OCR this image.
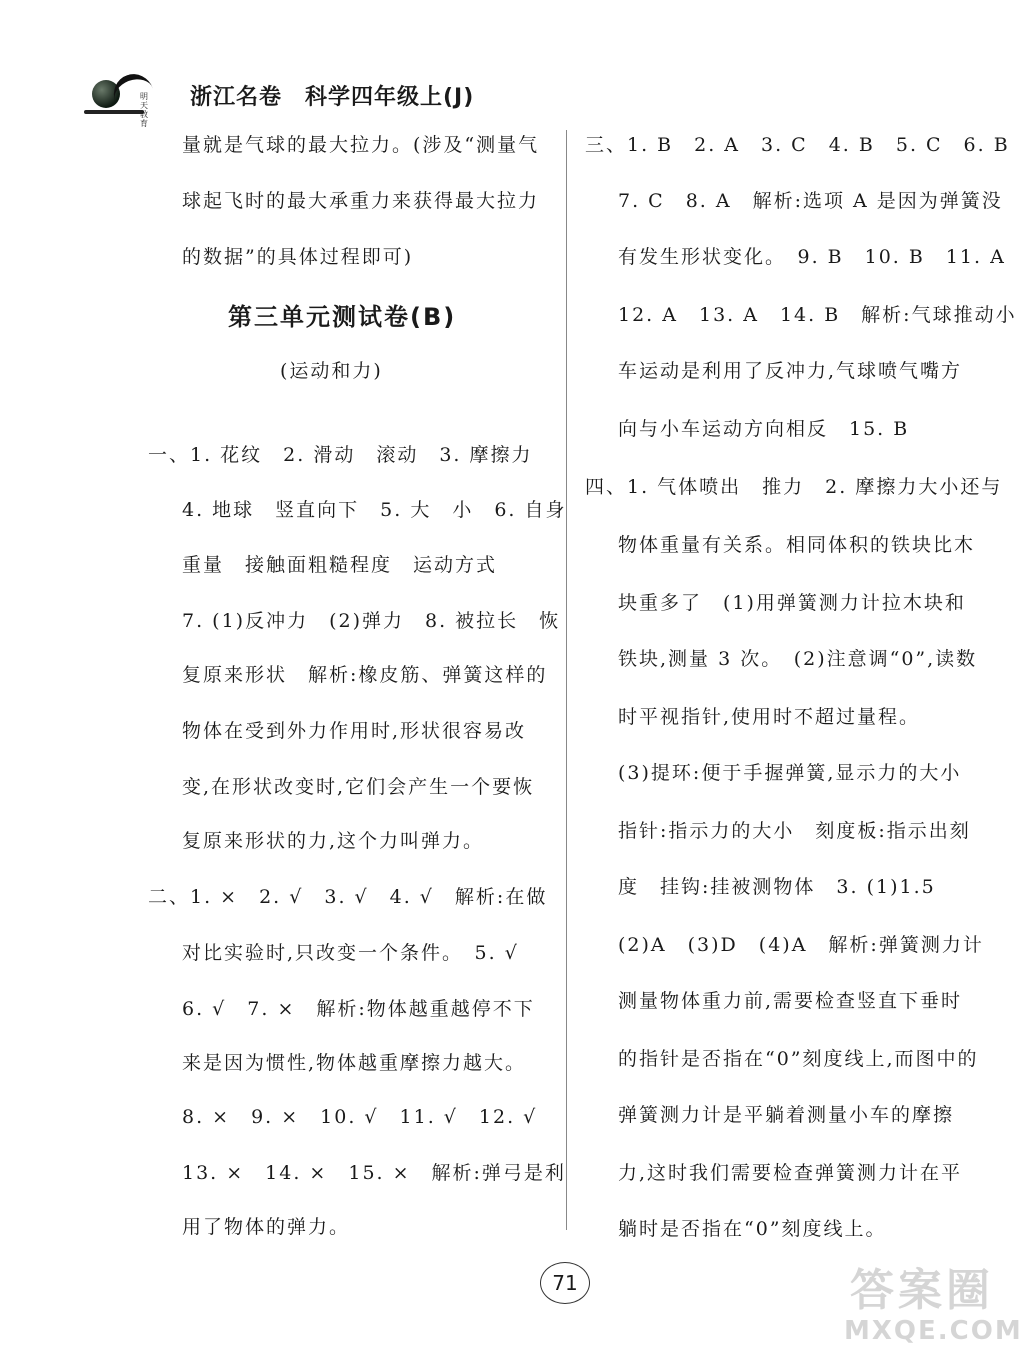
明天教育
浙江名卷　科学四年级上(J)
量就是气球的最大拉力。(涉及“测量气
球起飞时的最大承重力来获得最大拉力
的数据”的具体过程即可)
第三单元测试卷(B)
(运动和力)
一、1. 花纹　2. 滑动　滚动　3. 摩擦力
4. 地球　竖直向下　5. 大　小　6. 自身
重量　接触面粗糙程度　运动方式
7. (1)反冲力　(2)弹力　8. 被拉长　恢
复原来形状　解析:橡皮筋、弹簧这样的
物体在受到外力作用时,形状很容易改
变,在形状改变时,它们会产生一个要恢
复原来形状的力,这个力叫弹力。
二、1. ×　2. √　3. √　4. √　解析:在做
对比实验时,只改变一个条件。　5. √
6. √　7. ×　解析:物体越重越停不下
来是因为惯性,物体越重摩擦力越大。
8. ×　9. ×　10. √　11. √　12. √
13. ×　14. ×　15. ×　解析:弹弓是利
用了物体的弹力。
三、1. B　2. A　3. C　4. B　5. C　6. B
7. C　8. A　解析:选项 A 是因为弹簧没
有发生形状变化。　9. B　10. B　11. A
12. A　13. A　14. B　解析:气球推动小
车运动是利用了反冲力,气球喷气嘴方
向与小车运动方向相反　15. B
四、1. 气体喷出　推力　2. 摩擦力大小还与
物体重量有关系。相同体积的铁块比木
块重多了　(1)用弹簧测力计拉木块和
铁块,测量 3 次。　(2)注意调“0”,读数
时平视指针,使用时不超过量程。
(3)提环:便于手握弹簧,显示力的大小
指针:指示力的大小　刻度板:指示出刻
度　挂钩:挂被测物体　3. (1)1.5
(2)A　(3)D　(4)A　解析:弹簧测力计
测量物体重力前,需要检查竖直下垂时
的指针是否指在“0”刻度线上,而图中的
弹簧测力计是平躺着测量小车的摩擦
力,这时我们需要检查弹簧测力计在平
躺时是否指在“0”刻度线上。
71	答案圈
MXQE.COM
